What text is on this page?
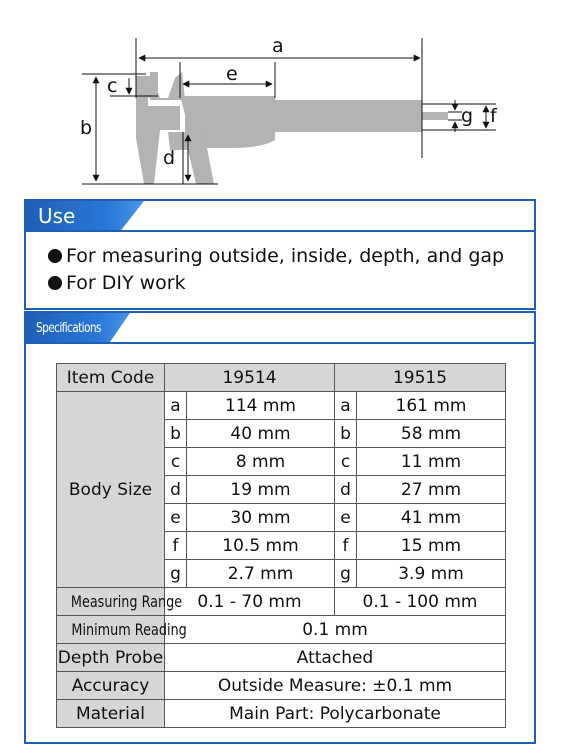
a
e
b
c
d
g f
Use
For measuring outside, inside, depth, and gap
For DIY work
Specifications
Item Code	19514		19515	
Body Size	a	114 mm	a	161 mm
	b	40 mm	b	58 mm
	c	8 mm	c	11 mm
	d	19 mm	d	27 mm
	e	30 mm	e	41 mm
	f	10.5 mm	f	15 mm
	g	2.7 mm	g	3.9 mm
Measuring Range	0.1 - 70 mm		0.1 - 100 mm	
Minimum Reading	0.1 mm			
Depth Probe	Attached			
Accuracy	Outside Measure: ±0.1 mm			
Material	Main Part: Polycarbonate			
